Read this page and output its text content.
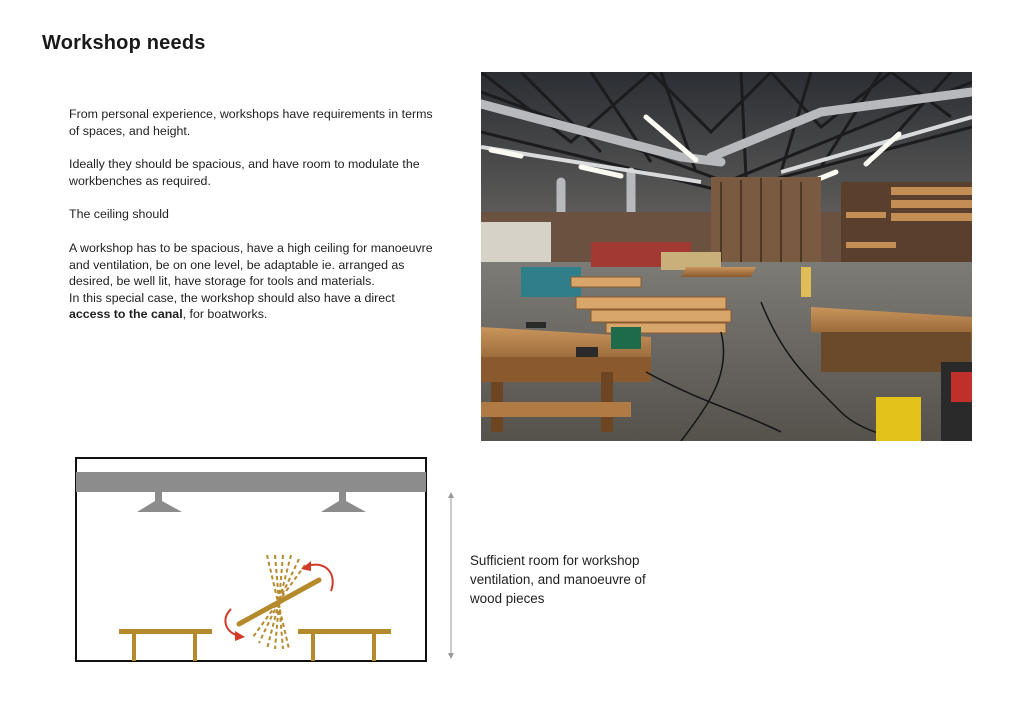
Workshop needs

From personal experience, workshops have requirements in terms of spaces, and height.

Ideally they should be spacious, and have room to modulate the workbenches as required.

The ceiling should

A workshop has to be spacious, have a high ceiling for manoeuvre and ventilation, be on one level, be adaptable ie. arranged as desired, be well lit, have storage for tools and materials.

In this special case, the workshop should also have a direct access to the canal, for boatworks.

Sufficient room for workshop ventilation, and manoeuvre of wood pieces
